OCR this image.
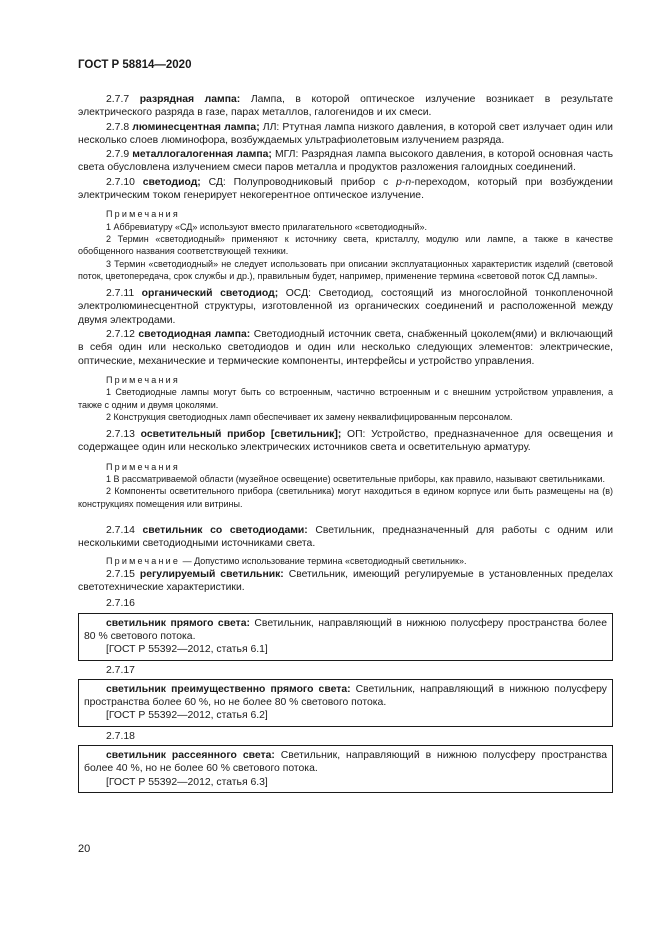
ГОСТ Р 58814—2020

2.7.7 разрядная лампа: Лампа, в которой оптическое излучение возникает в результате электрического разряда в газе, парах металлов, галогенидов и их смеси.

2.7.8 люминесцентная лампа; ЛЛ: Ртутная лампа низкого давления, в которой свет излучает один или несколько слоев люминофора, возбуждаемых ультрафиолетовым излучением разряда.

2.7.9 металлогалогенная лампа; МГЛ: Разрядная лампа высокого давления, в которой основная часть света обусловлена излучением смеси паров металла и продуктов разложения галоидных соединений.

2.7.10 светодиод; СД: Полупроводниковый прибор с p-n-переходом, который при возбуждении электрическим током генерирует некогерентное оптическое излучение.

Примечания

1 Аббревиатуру «СД» используют вместо прилагательного «светодиодный».

2 Термин «светодиодный» применяют к источнику света, кристаллу, модулю или лампе, а также в качестве обобщенного названия соответствующей техники.

3 Термин «светодиодный» не следует использовать при описании эксплуатационных характеристик изделий (световой поток, цветопередача, срок службы и др.), правильным будет, например, применение термина «световой поток СД лампы».

2.7.11 органический светодиод; ОСД: Светодиод, состоящий из многослойной тонкопленочной электролюминесцентной структуры, изготовленной из органических соединений и расположенной между двумя электродами.

2.7.12 светодиодная лампа: Светодиодный источник света, снабженный цоколем(ями) и включающий в себя один или несколько светодиодов и один или несколько следующих элементов: электрические, оптические, механические и термические компоненты, интерфейсы и устройство управления.

Примечания

1 Светодиодные лампы могут быть со встроенным, частично встроенным и с внешним устройством управления, а также с одним и двумя цоколями.

2 Конструкция светодиодных ламп обеспечивает их замену неквалифицированным персоналом.

2.7.13 осветительный прибор [светильник]; ОП: Устройство, предназначенное для освещения и содержащее один или несколько электрических источников света и осветительную арматуру.

Примечания

1 В рассматриваемой области (музейное освещение) осветительные приборы, как правило, называют светильниками.

2 Компоненты осветительного прибора (светильника) могут находиться в едином корпусе или быть размещены на (в) конструкциях помещения или витрины.

2.7.14 светильник со светодиодами: Светильник, предназначенный для работы с одним или несколькими светодиодными источниками света.

Примечание — Допустимо использование термина «светодиодный светильник».

2.7.15 регулируемый светильник: Светильник, имеющий регулируемые в установленных пределах светотехнические характеристики.

2.7.16

светильник прямого света: Светильник, направляющий в нижнюю полусферу пространства более 80 % светового потока.

[ГОСТ Р 55392—2012, статья 6.1]

2.7.17

светильник преимущественно прямого света: Светильник, направляющий в нижнюю полусферу пространства более 60 %, но не более 80 % светового потока.

[ГОСТ Р 55392—2012, статья 6.2]

2.7.18

светильник рассеянного света: Светильник, направляющий в нижнюю полусферу пространства более 40 %, но не более 60 % светового потока.

[ГОСТ Р 55392—2012, статья 6.3]

20
